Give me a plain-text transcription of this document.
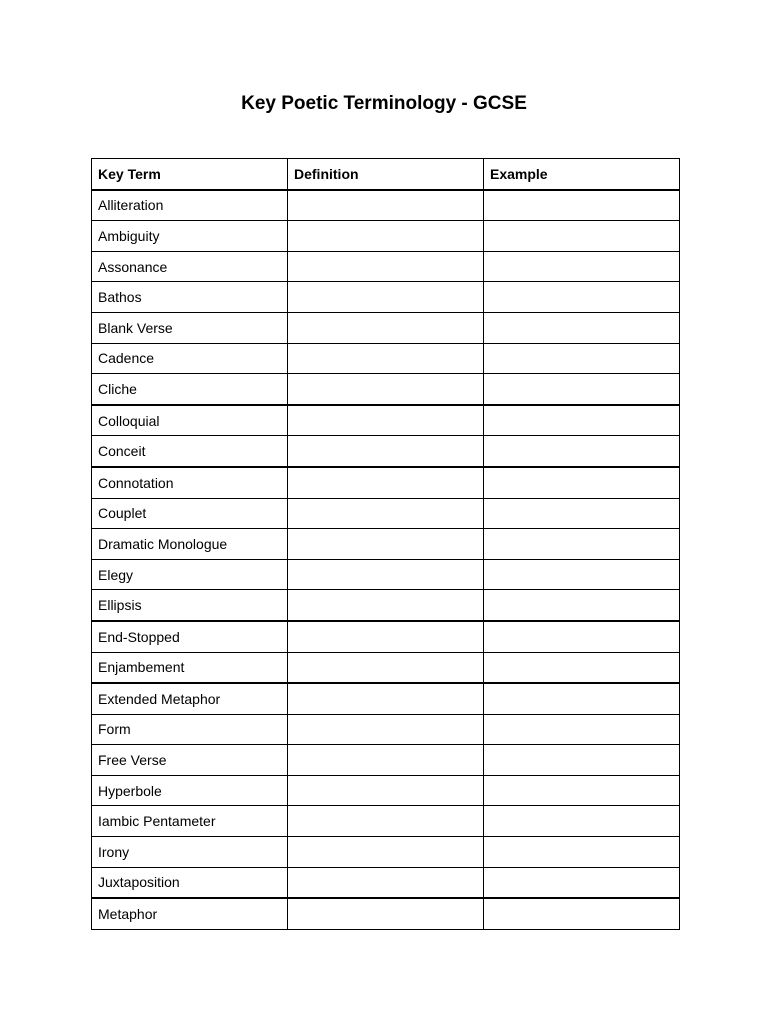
Key Poetic Terminology - GCSE
Key Term	Definition	Example
Alliteration		
Ambiguity		
Assonance		
Bathos		
Blank Verse		
Cadence		
Cliche		
Colloquial		
Conceit		
Connotation		
Couplet		
Dramatic Monologue		
Elegy		
Ellipsis		
End-Stopped		
Enjambement		
Extended Metaphor		
Form		
Free Verse		
Hyperbole		
Iambic Pentameter		
Irony		
Juxtaposition		
Metaphor		
